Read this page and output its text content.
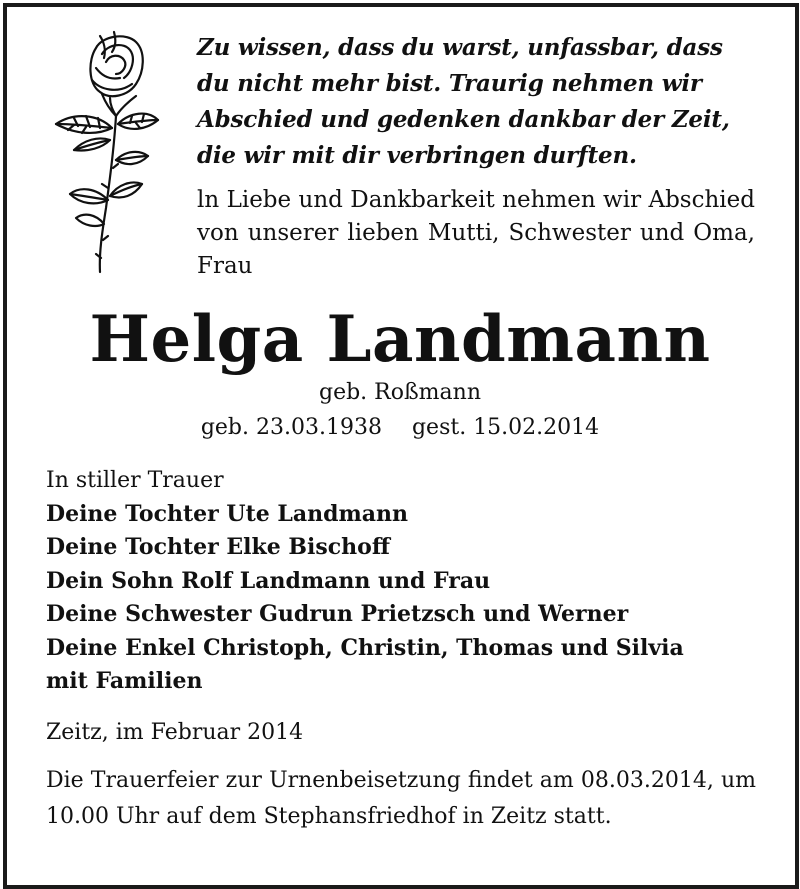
Zu wissen, dass du warst, unfassbar, dass
du nicht mehr bist. Traurig nehmen wir
Abschied und gedenken dankbar der Zeit,
die wir mit dir verbringen durften.
ln Liebe und Dankbarkeit nehmen wir Abschied von unserer lieben Mutti, Schwester und Oma, Frau
Helga Landmann
geb. Roßmann
geb. 23.03.1938 gest. 15.02.2014
In stiller Trauer
Deine Tochter Ute Landmann
Deine Tochter Elke Bischoff
Dein Sohn Rolf Landmann und Frau
Deine Schwester Gudrun Prietzsch und Werner
Deine Enkel Christoph, Christin, Thomas und Silvia
mit Familien
Zeitz, im Februar 2014
Die Trauerfeier zur Urnenbeisetzung findet am 08.03.2014, um 10.00 Uhr auf dem Stephansfriedhof in Zeitz statt.
